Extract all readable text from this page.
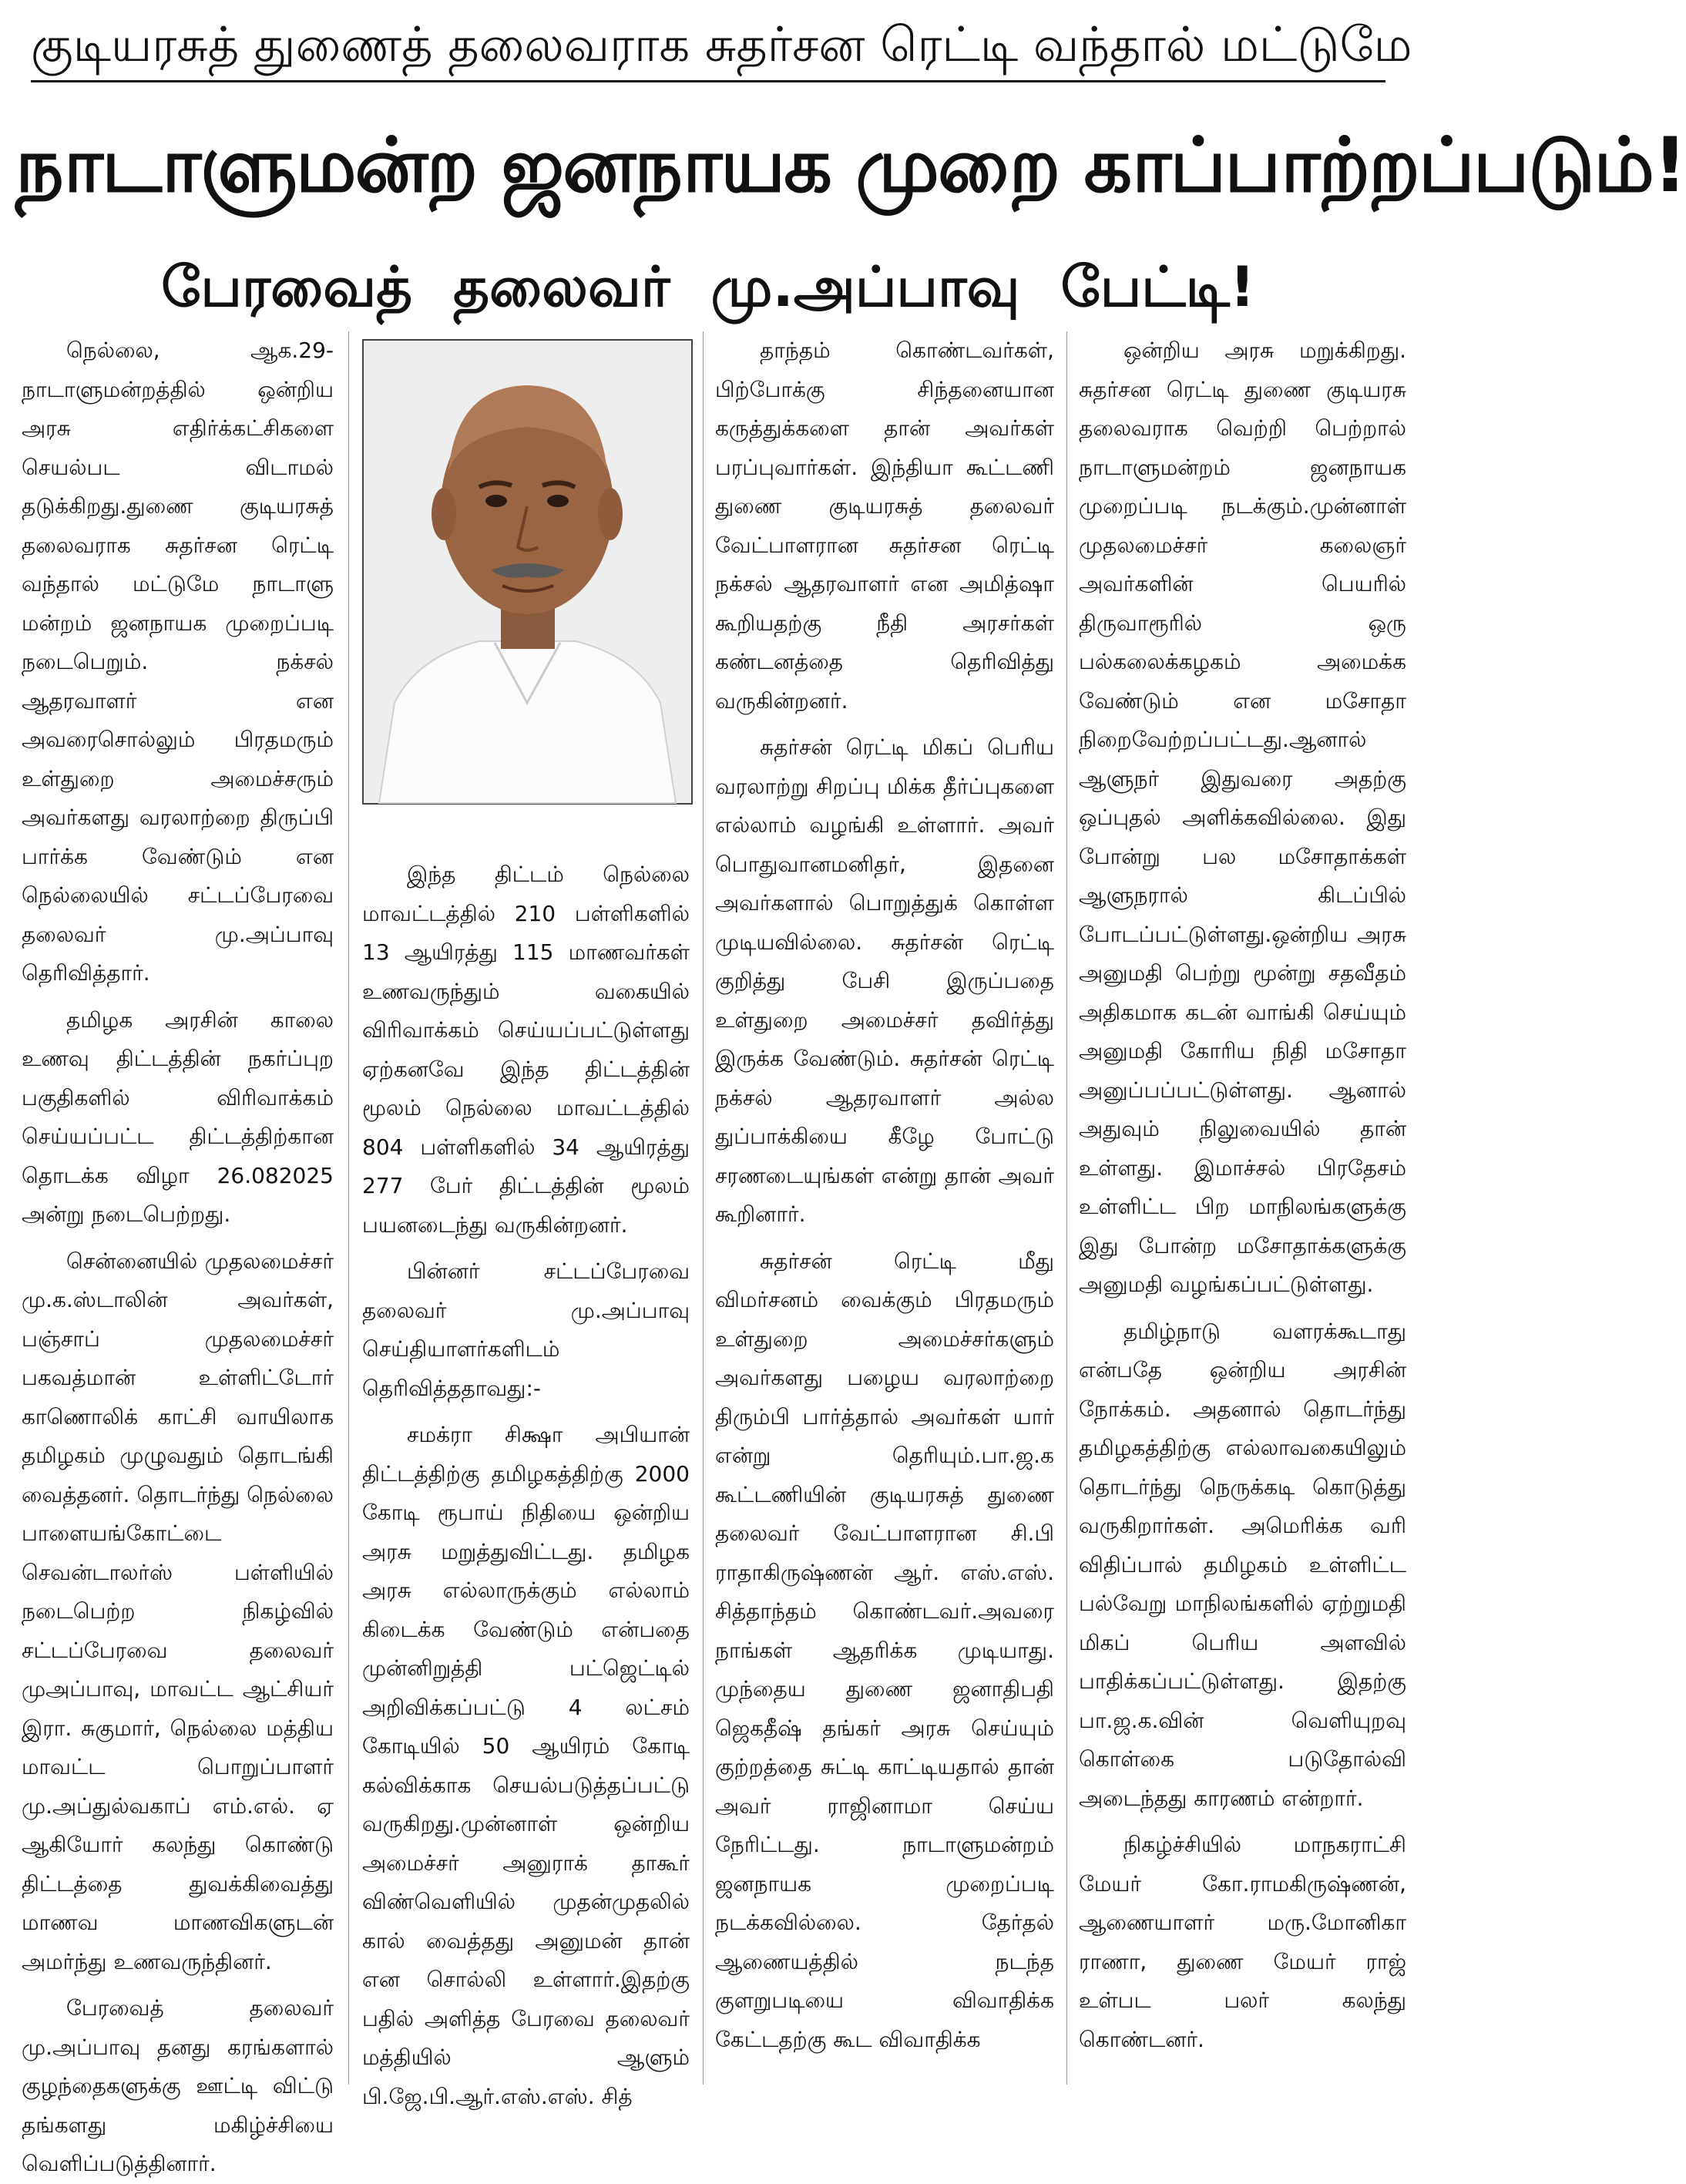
குடியரசுத் துணைத் தலைவராக சுதர்சன ரெட்டி வந்தால் மட்டுமே
நாடாளுமன்ற ஜனநாயக முறை காப்பாற்றப்படும்!
பேரவைத் தலைவர் மு.அப்பாவு பேட்டி!

நெல்லை, ஆக.29- நாடாளுமன்றத்தில் ஒன்றிய அரசு எதிர்க்கட்சிகளை செயல்பட விடாமல் தடுக்கிறது.துணை குடியரசுத் தலைவராக சுதர்சன ரெட்டி வந்தால் மட்டுமே நாடாளு மன்றம் ஜனநாயக முறைப்படி நடைபெறும். நக்சல் ஆதரவாளர் என அவரைசொல்லும் பிரதமரும் உள்துறை அமைச்சரும் அவர்களது வரலாற்றை திருப்பி பார்க்க வேண்டும் என நெல்லையில் சட்டப்பேரவை தலைவர் மு.அப்பாவு தெரிவித்தார்.

தமிழக அரசின் காலை உணவு திட்டத்தின் நகர்ப்புற பகுதிகளில் விரிவாக்கம் செய்யப்பட்ட திட்டத்திற்கான தொடக்க விழா 26.082025 அன்று நடைபெற்றது.

சென்னையில் முதலமைச்சர் மு.க.ஸ்டாலின் அவர்கள், பஞ்சாப் முதலமைச்சர் பகவத்மான் உள்ளிட்டோர் காணொலிக் காட்சி வாயிலாக தமிழகம் முழுவதும் தொடங்கி வைத்தனர். தொடர்ந்து நெல்லை பாளையங்கோட்டை செவன்டாலர்ஸ் பள்ளியில் நடைபெற்ற நிகழ்வில் சட்டப்பேரவை தலைவர் முஅப்பாவு, மாவட்ட ஆட்சியர் இரா. சுகுமார், நெல்லை மத்திய மாவட்ட பொறுப்பாளர் மு.அப்துல்வகாப் எம்.எல். ஏ ஆகியோர் கலந்து கொண்டு திட்டத்தை துவக்கிவைத்து மாணவ மாணவிகளுடன் அமர்ந்து உணவருந்தினர்.

பேரவைத் தலைவர் மு.அப்பாவு தனது கரங்களால் குழந்தைகளுக்கு ஊட்டி விட்டு தங்களது மகிழ்ச்சியை வெளிப்படுத்தினார்.

இந்த திட்டம் நெல்லை மாவட்டத்தில் 210 பள்ளிகளில் 13 ஆயிரத்து 115 மாணவர்கள் உணவருந்தும் வகையில் விரிவாக்கம் செய்யப்பட்டுள்ளது ஏற்கனவே இந்த திட்டத்தின் மூலம் நெல்லை மாவட்டத்தில் 804 பள்ளிகளில் 34 ஆயிரத்து 277 பேர் திட்டத்தின் மூலம் பயனடைந்து வருகின்றனர்.

பின்னர் சட்டப்பேரவை தலைவர் மு.அப்பாவு செய்தியாளர்களிடம் தெரிவித்ததாவது:-

சமக்ரா சிக்ஷா அபியான் திட்டத்திற்கு தமிழகத்திற்கு 2000 கோடி ரூபாய் நிதியை ஒன்றிய அரசு மறுத்துவிட்டது. தமிழக அரசு எல்லாருக்கும் எல்லாம் கிடைக்க வேண்டும் என்பதை முன்னிறுத்தி பட்ஜெட்டில் அறிவிக்கப்பட்டு 4 லட்சம் கோடியில் 50 ஆயிரம் கோடி கல்விக்காக செயல்படுத்தப்பட்டு வருகிறது.முன்னாள் ஒன்றிய அமைச்சர் அனுராக் தாகூர் விண்வெளியில் முதன்முதலில் கால் வைத்தது அனுமன் தான் என சொல்லி உள்ளார்.இதற்கு பதில் அளித்த பேரவை தலைவர் மத்தியில் ஆளும் பி.ஜே.பி.ஆர்.எஸ்.எஸ். சித்

தாந்தம் கொண்டவர்கள், பிற்போக்கு சிந்தனையான கருத்துக்களை தான் அவர்கள் பரப்புவார்கள். இந்தியா கூட்டணி துணை குடியரசுத் தலைவர் வேட்பாளரான சுதர்சன ரெட்டி நக்சல் ஆதரவாளர் என அமித்ஷா கூறியதற்கு நீதி அரசர்கள் கண்டனத்தை தெரிவித்து வருகின்றனர்.

சுதர்சன் ரெட்டி மிகப் பெரிய வரலாற்று சிறப்பு மிக்க தீர்ப்புகளை எல்லாம் வழங்கி உள்ளார். அவர் பொதுவானமனிதர், இதனை அவர்களால் பொறுத்துக் கொள்ள முடியவில்லை. சுதர்சன் ரெட்டி குறித்து பேசி இருப்பதை உள்துறை அமைச்சர் தவிர்த்து இருக்க வேண்டும். சுதர்சன் ரெட்டி நக்சல் ஆதரவாளர் அல்ல துப்பாக்கியை கீழே போட்டு சரணடையுங்கள் என்று தான் அவர் கூறினார்.

சுதர்சன் ரெட்டி மீது விமர்சனம் வைக்கும் பிரதமரும் உள்துறை அமைச்சர்களும் அவர்களது பழைய வரலாற்றை திரும்பி பார்த்தால் அவர்கள் யார் என்று தெரியும்.பா.ஜ.க கூட்டணியின் குடியரசுத் துணை தலைவர் வேட்பாளரான சி.பி ராதாகிருஷ்ணன் ஆர். எஸ்.எஸ். சித்தாந்தம் கொண்டவர்.அவரை நாங்கள் ஆதரிக்க முடியாது. முந்தைய துணை ஜனாதிபதி ஜெகதீஷ் தங்கர் அரசு செய்யும் குற்றத்தை சுட்டி காட்டியதால் தான் அவர் ராஜினாமா செய்ய நேரிட்டது. நாடாளுமன்றம் ஜனநாயக முறைப்படி நடக்கவில்லை. தேர்தல் ஆணையத்தில் நடந்த குளறுபடியை விவாதிக்க கேட்டதற்கு கூட விவாதிக்க

ஒன்றிய அரசு மறுக்கிறது. சுதர்சன ரெட்டி துணை குடியரசு தலைவராக வெற்றி பெற்றால் நாடாளுமன்றம் ஜனநாயக முறைப்படி நடக்கும்.முன்னாள் முதலமைச்சர் கலைஞர் அவர்களின் பெயரில் திருவாரூரில் ஒரு பல்கலைக்கழகம் அமைக்க வேண்டும் என மசோதா நிறைவேற்றப்பட்டது.ஆனால் ஆளுநர் இதுவரை அதற்கு ஒப்புதல் அளிக்கவில்லை. இது போன்று பல மசோதாக்கள் ஆளுநரால் கிடப்பில் போடப்பட்டுள்ளது.ஒன்றிய அரசு அனுமதி பெற்று மூன்று சதவீதம் அதிகமாக கடன் வாங்கி செய்யும் அனுமதி கோரிய நிதி மசோதா அனுப்பப்பட்டுள்ளது. ஆனால் அதுவும் நிலுவையில் தான் உள்ளது. இமாச்சல் பிரதேசம் உள்ளிட்ட பிற மாநிலங்களுக்கு இது போன்ற மசோதாக்களுக்கு அனுமதி வழங்கப்பட்டுள்ளது.

தமிழ்நாடு வளரக்கூடாது என்பதே ஒன்றிய அரசின் நோக்கம். அதனால் தொடர்ந்து தமிழகத்திற்கு எல்லாவகையிலும் தொடர்ந்து நெருக்கடி கொடுத்து வருகிறார்கள். அமெரிக்க வரி விதிப்பால் தமிழகம் உள்ளிட்ட பல்வேறு மாநிலங்களில் ஏற்றுமதி மிகப் பெரிய அளவில் பாதிக்கப்பட்டுள்ளது. இதற்கு பா.ஜ.க.வின் வெளியுறவு கொள்கை படுதோல்வி அடைந்தது காரணம் என்றார்.

நிகழ்ச்சியில் மாநகராட்சி மேயர் கோ.ராமகிருஷ்ணன், ஆணையாளர் மரு.மோனிகா ராணா, துணை மேயர் ராஜ் உள்பட பலர் கலந்து கொண்டனர்.
